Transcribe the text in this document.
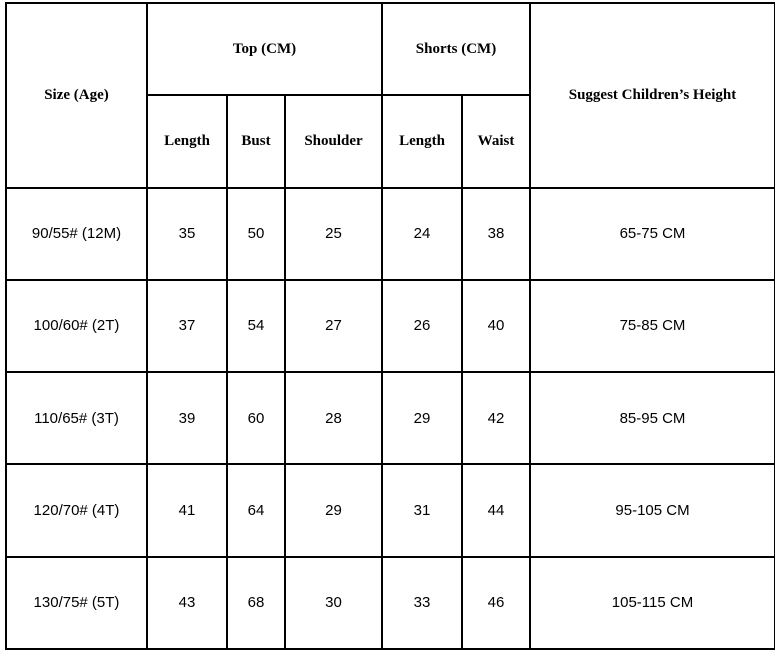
Size (Age)	Top (CM)			Shorts (CM)		Suggest Children’s Height
	Length	Bust	Shoulder	Length	Waist	
90/55# (12M)	35	50	25	24	38	65-75 CM
100/60# (2T)	37	54	27	26	40	75-85 CM
110/65# (3T)	39	60	28	29	42	85-95 CM
120/70# (4T)	41	64	29	31	44	95-105 CM
130/75# (5T)	43	68	30	33	46	105-115 CM
